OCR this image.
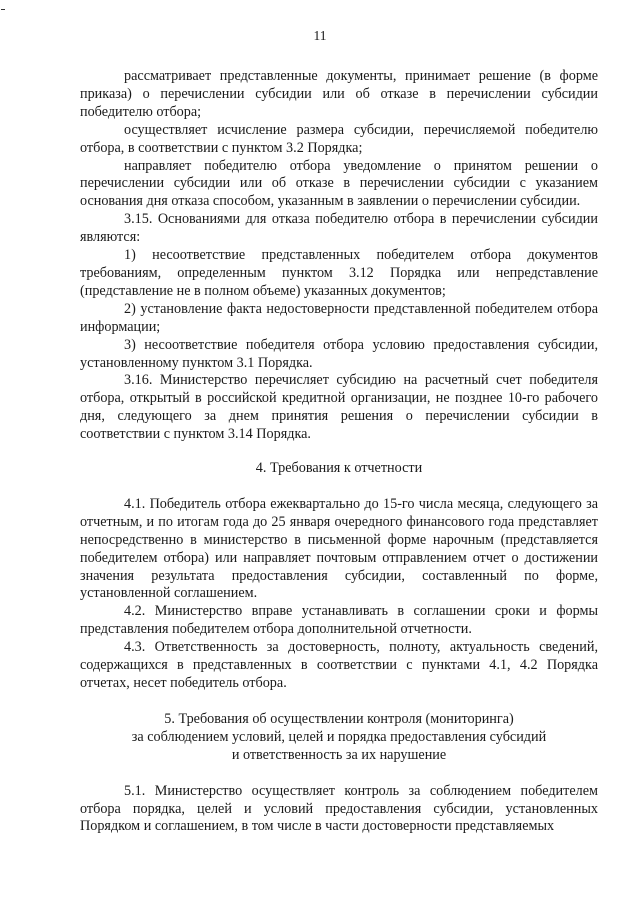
11

рассматривает представленные документы, принимает решение (в форме приказа) о перечислении субсидии или об отказе в перечислении субсидии победителю отбора;

осуществляет исчисление размера субсидии, перечисляемой победителю отбора, в соответствии с пунктом 3.2 Порядка;

направляет победителю отбора уведомление о принятом решении о перечислении субсидии или об отказе в перечислении субсидии с указанием основания дня отказа способом, указанным в заявлении о перечислении субсидии.

3.15. Основаниями для отказа победителю отбора в перечислении субсидии являются:

1) несоответствие представленных победителем отбора документов требованиям, определенным пунктом 3.12 Порядка или непредставление (представление не в полном объеме) указанных документов;

2) установление факта недостоверности представленной победителем отбора информации;

3) несоответствие победителя отбора условию предоставления субсидии, установленному пунктом 3.1 Порядка.

3.16. Министерство перечисляет субсидию на расчетный счет победителя отбора, открытый в российской кредитной организации, не позднее 10-го рабочего дня, следующего за днем принятия решения о перечислении субсидии в соответствии с пунктом 3.14 Порядка.

4. Требования к отчетности

4.1. Победитель отбора ежеквартально до 15-го числа месяца, следующего за отчетным, и по итогам года до 25 января очередного финансового года представляет непосредственно в министерство в письменной форме нарочным (представляется победителем отбора) или направляет почтовым отправлением отчет о достижении значения результата предоставления субсидии, составленный по форме, установленной соглашением.

4.2. Министерство вправе устанавливать в соглашении сроки и формы представления победителем отбора дополнительной отчетности.

4.3. Ответственность за достоверность, полноту, актуальность сведений, содержащихся в представленных в соответствии с пунктами 4.1, 4.2 Порядка отчетах, несет победитель отбора.

5. Требования об осуществлении контроля (мониторинга)
за соблюдением условий, целей и порядка предоставления субсидий
и ответственность за их нарушение

5.1. Министерство осуществляет контроль за соблюдением победителем отбора порядка, целей и условий предоставления субсидии, установленных Порядком и соглашением, в том числе в части достоверности представляемых
